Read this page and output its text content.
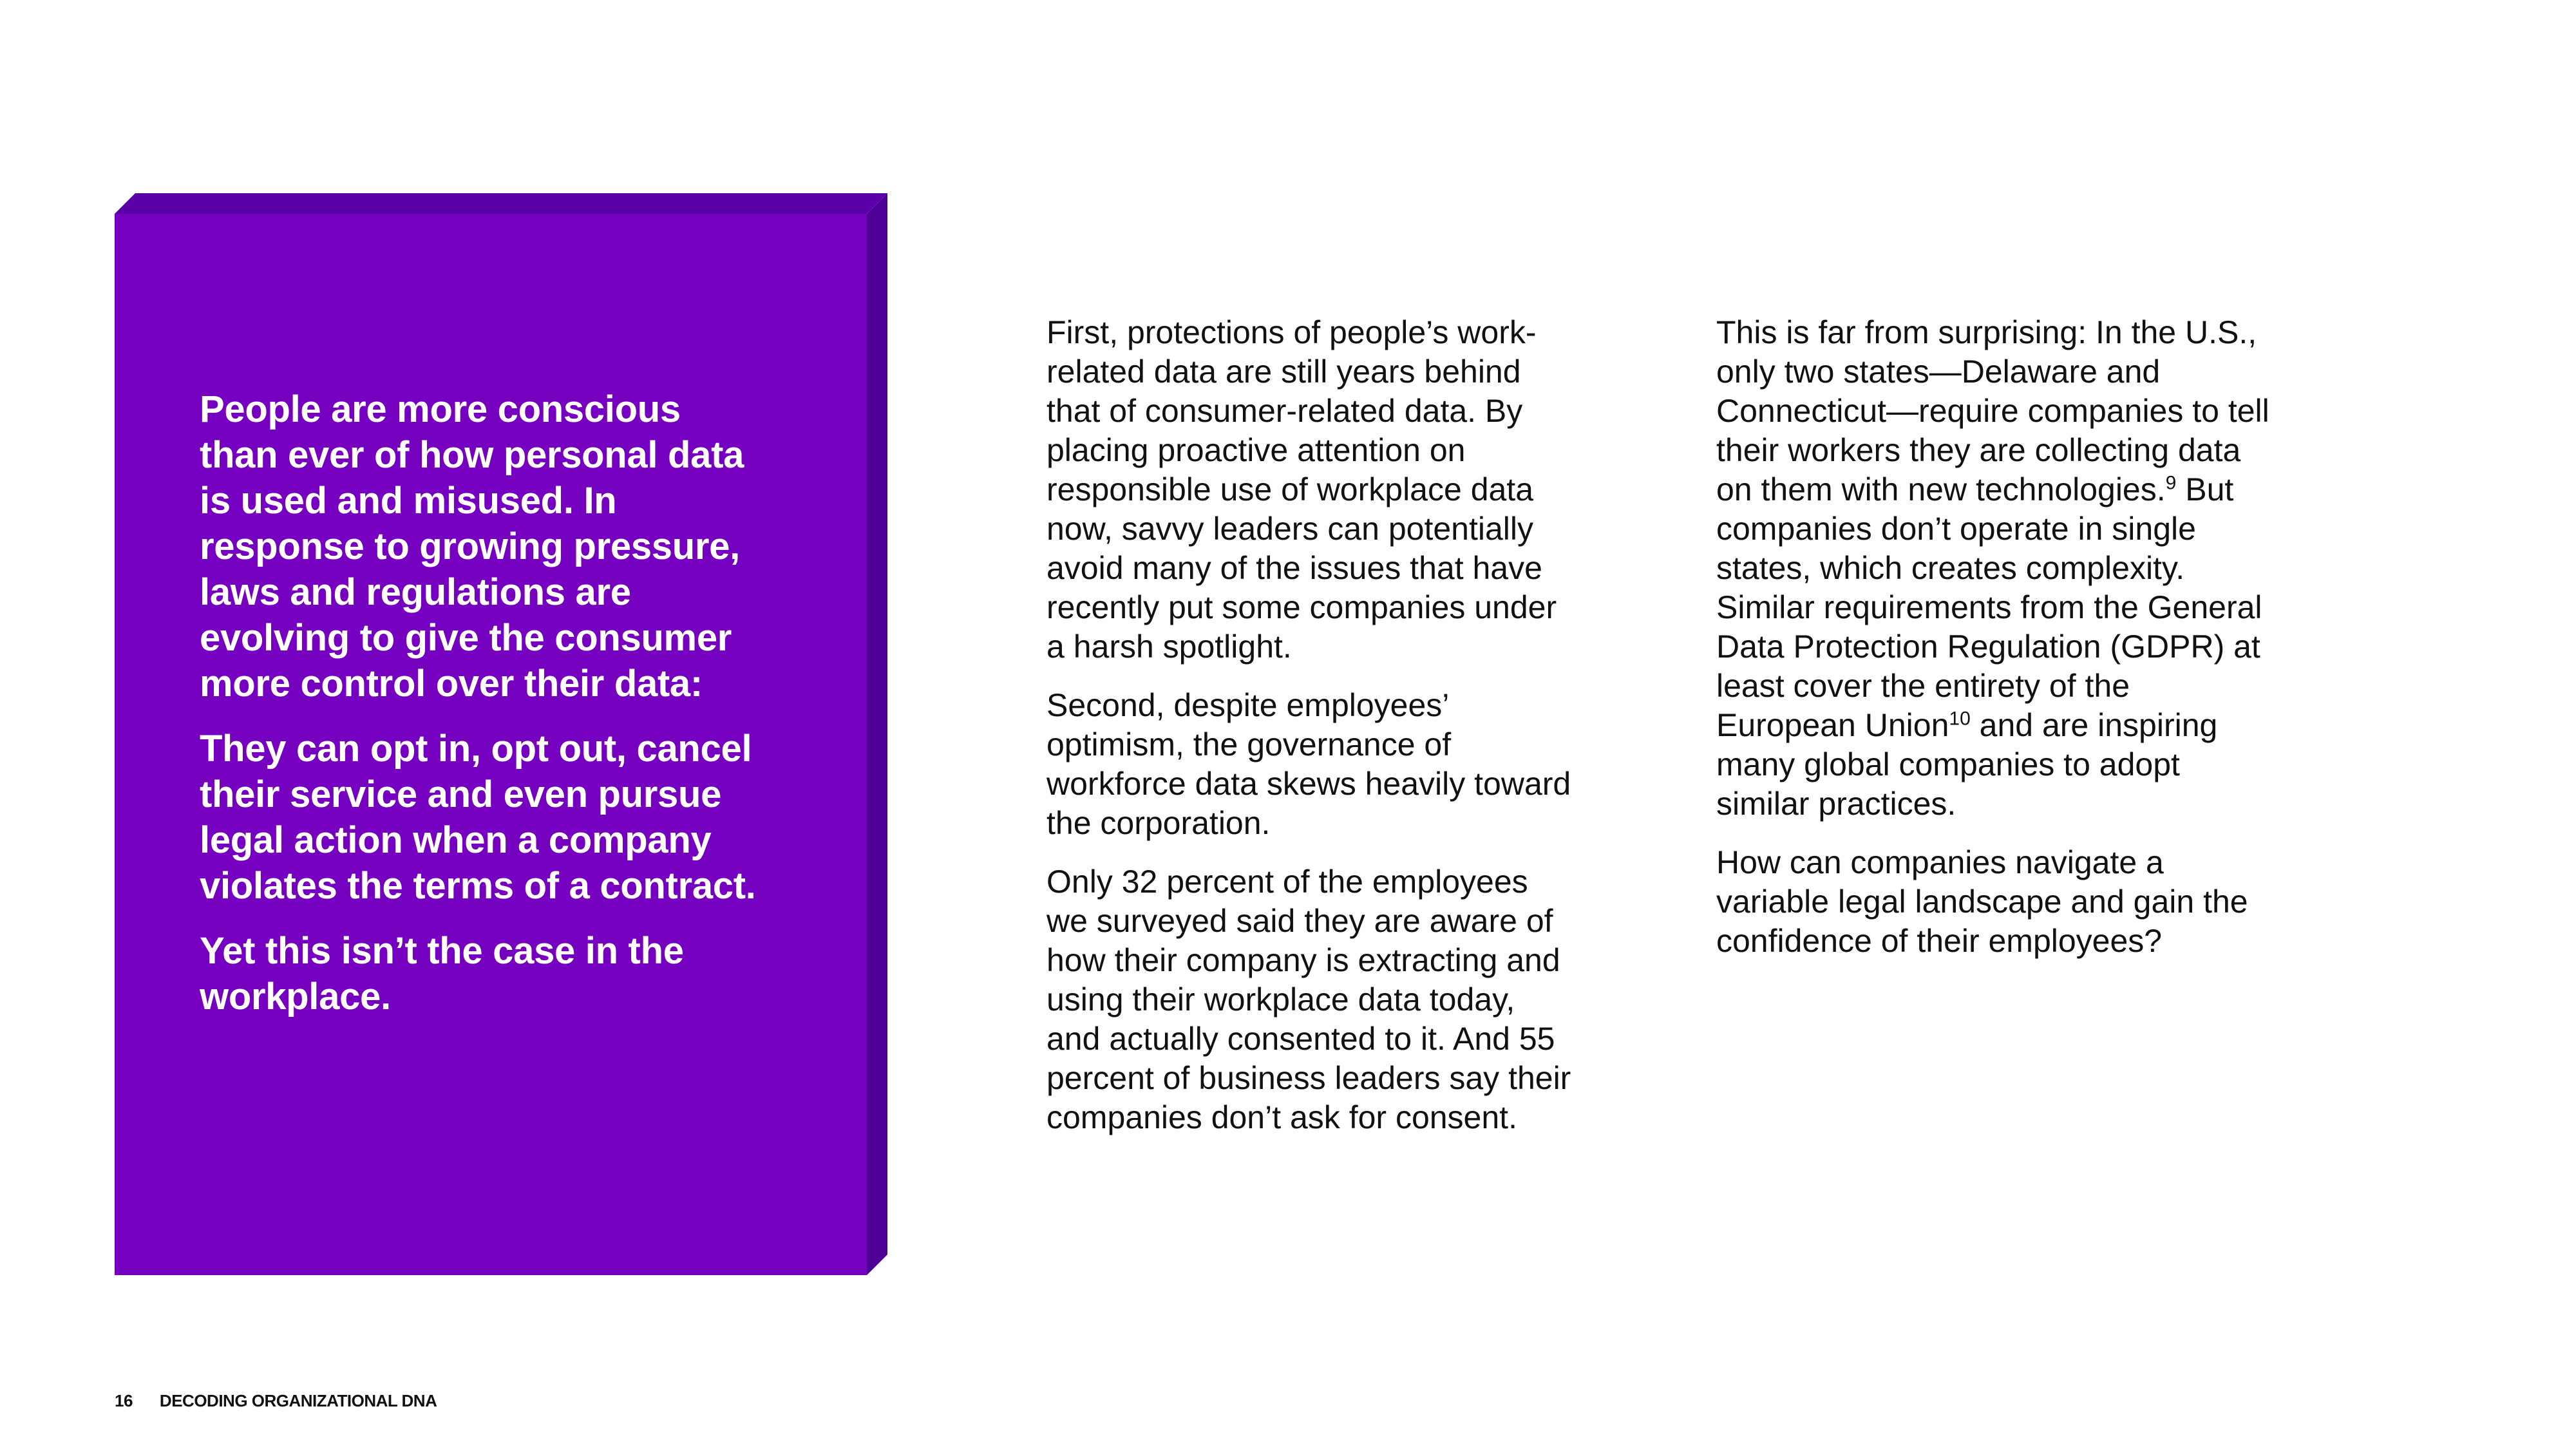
People are more conscious than ever of how personal data is used and misused. In response to growing pressure, laws and regulations are evolving to give the consumer more control over their data:

They can opt in, opt out, cancel their service and even pursue legal action when a company violates the terms of a contract.

Yet this isn’t the case in the workplace.

First, protections of people’s work-related data are still years behind that of consumer-related data. By placing proactive attention on responsible use of workplace data now, savvy leaders can potentially avoid many of the issues that have recently put some companies under a harsh spotlight.

Second, despite employees’ optimism, the governance of workforce data skews heavily toward the corporation.

Only 32 percent of the employees we surveyed said they are aware of how their company is extracting and using their workplace data today, and actually consented to it. And 55 percent of business leaders say their companies don’t ask for consent.

This is far from surprising: In the U.S., only two states—Delaware and Connecticut—require companies to tell their workers they are collecting data on them with new technologies.$^9$ But companies don’t operate in single states, which creates complexity. Similar requirements from the General Data Protection Regulation (GDPR) at least cover the entirety of the European Union$^{10}$ and are inspiring many global companies to adopt similar practices.

How can companies navigate a variable legal landscape and gain the confidence of their employees?

16 DECODING ORGANIZATIONAL DNA
